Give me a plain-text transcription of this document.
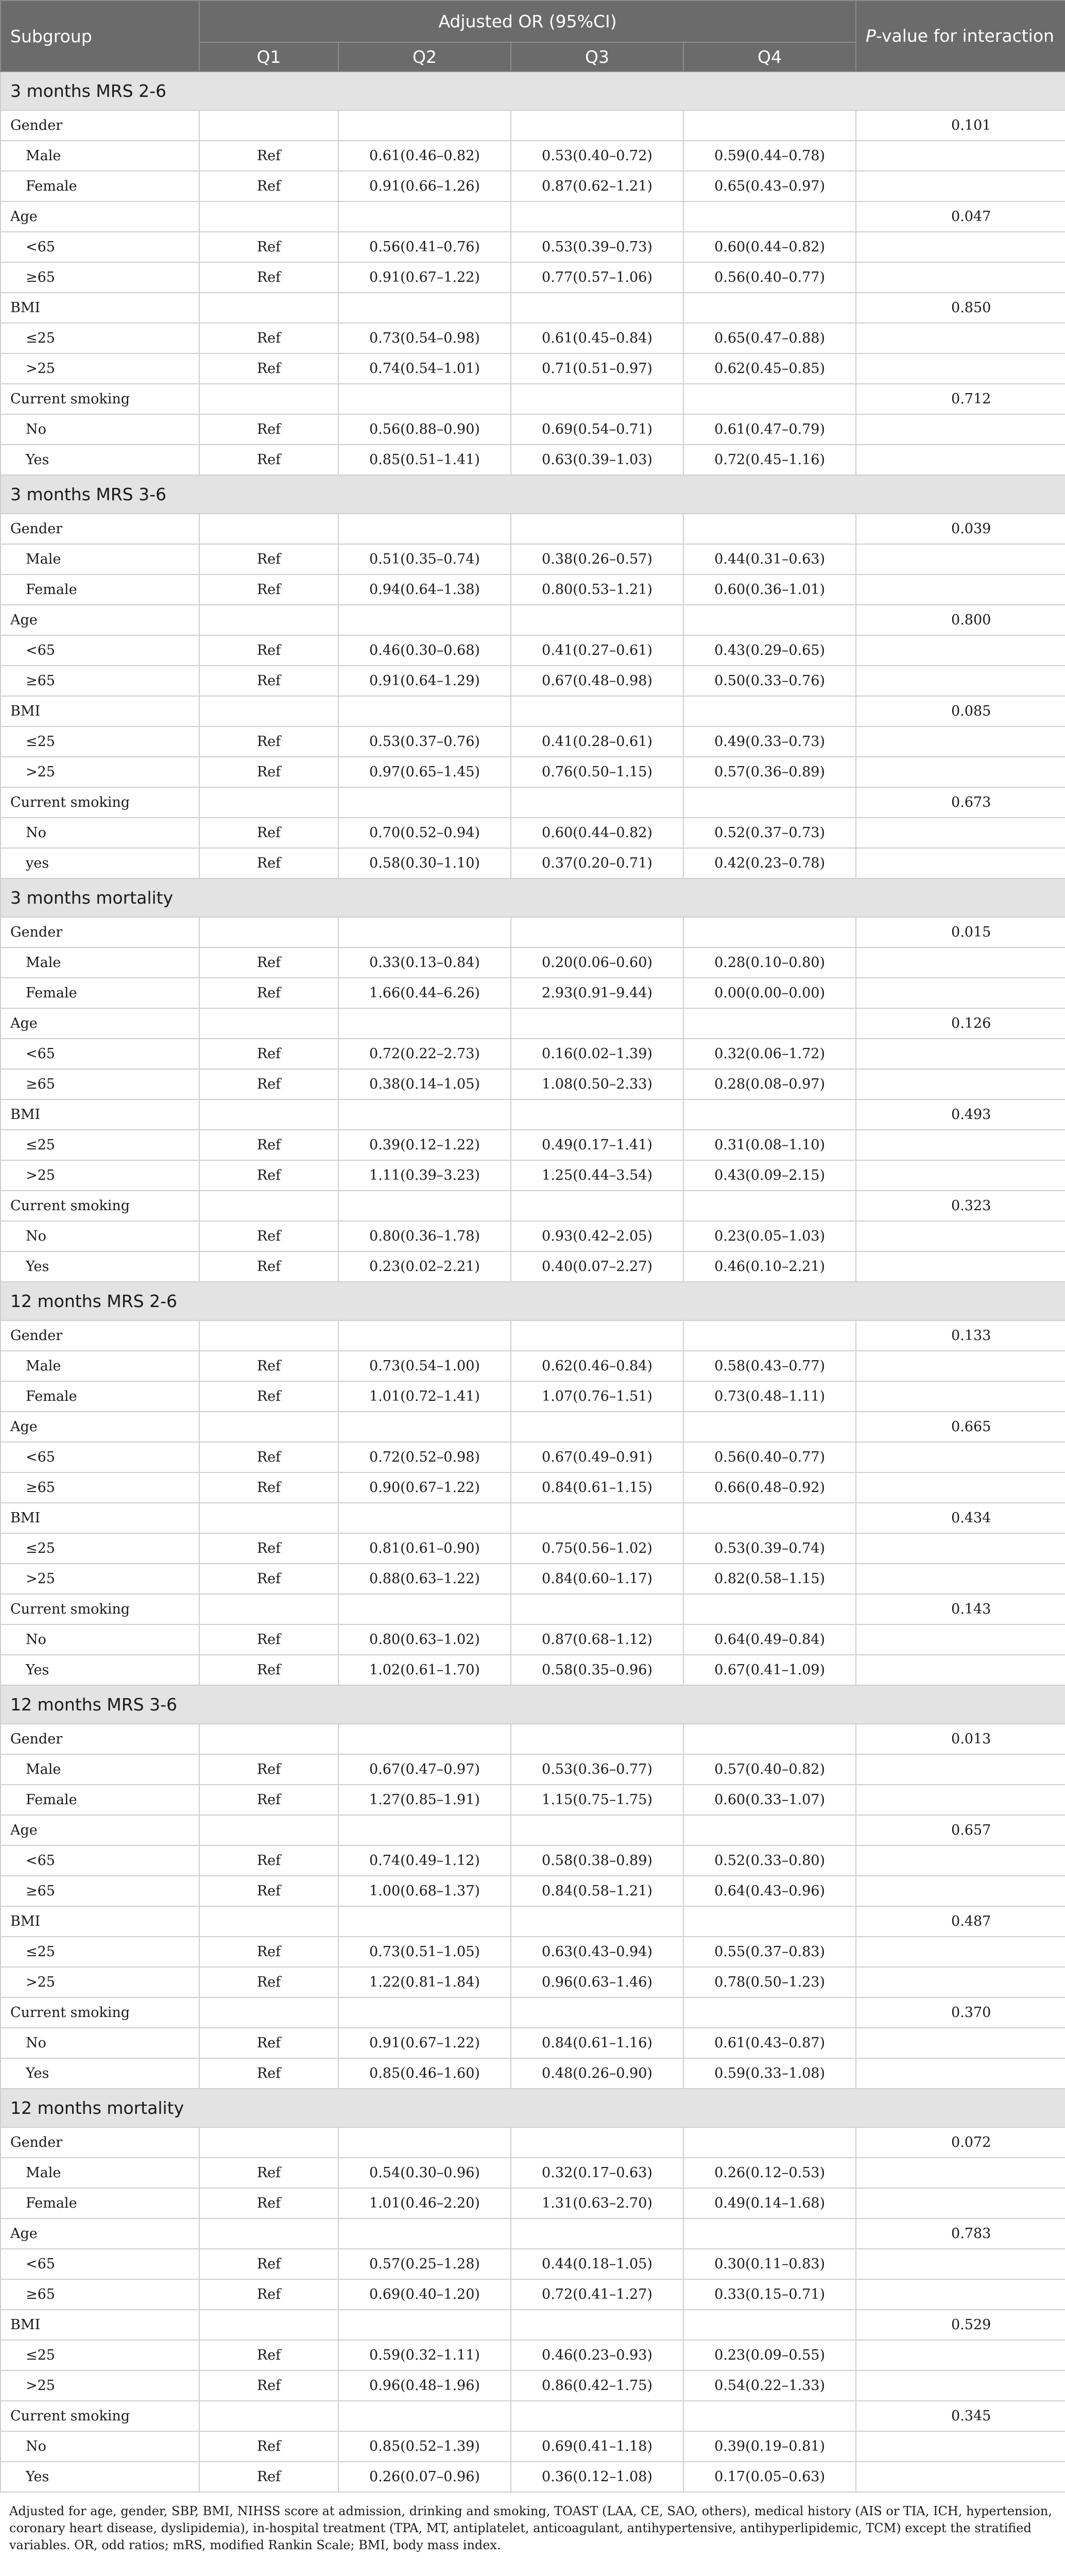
Subgroup	Adjusted OR (95%CI)				P-value for interaction
	Q1	Q2	Q3	Q4	
3 months MRS 2-6					
Gender					0.101
Male	Ref	0.61(0.46–0.82)	0.53(0.40–0.72)	0.59(0.44–0.78)	
Female	Ref	0.91(0.66–1.26)	0.87(0.62–1.21)	0.65(0.43–0.97)	
Age					0.047
<65	Ref	0.56(0.41–0.76)	0.53(0.39–0.73)	0.60(0.44–0.82)	
≥65	Ref	0.91(0.67–1.22)	0.77(0.57–1.06)	0.56(0.40–0.77)	
BMI					0.850
≤25	Ref	0.73(0.54–0.98)	0.61(0.45–0.84)	0.65(0.47–0.88)	
>25	Ref	0.74(0.54–1.01)	0.71(0.51–0.97)	0.62(0.45–0.85)	
Current smoking					0.712
No	Ref	0.56(0.88–0.90)	0.69(0.54–0.71)	0.61(0.47–0.79)	
Yes	Ref	0.85(0.51–1.41)	0.63(0.39–1.03)	0.72(0.45–1.16)	
3 months MRS 3-6					
Gender					0.039
Male	Ref	0.51(0.35–0.74)	0.38(0.26–0.57)	0.44(0.31–0.63)	
Female	Ref	0.94(0.64–1.38)	0.80(0.53–1.21)	0.60(0.36–1.01)	
Age					0.800
<65	Ref	0.46(0.30–0.68)	0.41(0.27–0.61)	0.43(0.29–0.65)	
≥65	Ref	0.91(0.64–1.29)	0.67(0.48–0.98)	0.50(0.33–0.76)	
BMI					0.085
≤25	Ref	0.53(0.37–0.76)	0.41(0.28–0.61)	0.49(0.33–0.73)	
>25	Ref	0.97(0.65–1.45)	0.76(0.50–1.15)	0.57(0.36–0.89)	
Current smoking					0.673
No	Ref	0.70(0.52–0.94)	0.60(0.44–0.82)	0.52(0.37–0.73)	
yes	Ref	0.58(0.30–1.10)	0.37(0.20–0.71)	0.42(0.23–0.78)	
3 months mortality					
Gender					0.015
Male	Ref	0.33(0.13–0.84)	0.20(0.06–0.60)	0.28(0.10–0.80)	
Female	Ref	1.66(0.44–6.26)	2.93(0.91–9.44)	0.00(0.00–0.00)	
Age					0.126
<65	Ref	0.72(0.22–2.73)	0.16(0.02–1.39)	0.32(0.06–1.72)	
≥65	Ref	0.38(0.14–1.05)	1.08(0.50–2.33)	0.28(0.08–0.97)	
BMI					0.493
≤25	Ref	0.39(0.12–1.22)	0.49(0.17–1.41)	0.31(0.08–1.10)	
>25	Ref	1.11(0.39–3.23)	1.25(0.44–3.54)	0.43(0.09–2.15)	
Current smoking					0.323
No	Ref	0.80(0.36–1.78)	0.93(0.42–2.05)	0.23(0.05–1.03)	
Yes	Ref	0.23(0.02–2.21)	0.40(0.07–2.27)	0.46(0.10–2.21)	
12 months MRS 2-6					
Gender					0.133
Male	Ref	0.73(0.54–1.00)	0.62(0.46–0.84)	0.58(0.43–0.77)	
Female	Ref	1.01(0.72–1.41)	1.07(0.76–1.51)	0.73(0.48–1.11)	
Age					0.665
<65	Ref	0.72(0.52–0.98)	0.67(0.49–0.91)	0.56(0.40–0.77)	
≥65	Ref	0.90(0.67–1.22)	0.84(0.61–1.15)	0.66(0.48–0.92)	
BMI					0.434
≤25	Ref	0.81(0.61–0.90)	0.75(0.56–1.02)	0.53(0.39–0.74)	
>25	Ref	0.88(0.63–1.22)	0.84(0.60–1.17)	0.82(0.58–1.15)	
Current smoking					0.143
No	Ref	0.80(0.63–1.02)	0.87(0.68–1.12)	0.64(0.49–0.84)	
Yes	Ref	1.02(0.61–1.70)	0.58(0.35–0.96)	0.67(0.41–1.09)	
12 months MRS 3-6					
Gender					0.013
Male	Ref	0.67(0.47–0.97)	0.53(0.36–0.77)	0.57(0.40–0.82)	
Female	Ref	1.27(0.85–1.91)	1.15(0.75–1.75)	0.60(0.33–1.07)	
Age					0.657
<65	Ref	0.74(0.49–1.12)	0.58(0.38–0.89)	0.52(0.33–0.80)	
≥65	Ref	1.00(0.68–1.37)	0.84(0.58–1.21)	0.64(0.43–0.96)	
BMI					0.487
≤25	Ref	0.73(0.51–1.05)	0.63(0.43–0.94)	0.55(0.37–0.83)	
>25	Ref	1.22(0.81–1.84)	0.96(0.63–1.46)	0.78(0.50–1.23)	
Current smoking					0.370
No	Ref	0.91(0.67–1.22)	0.84(0.61–1.16)	0.61(0.43–0.87)	
Yes	Ref	0.85(0.46–1.60)	0.48(0.26–0.90)	0.59(0.33–1.08)	
12 months mortality					
Gender					0.072
Male	Ref	0.54(0.30–0.96)	0.32(0.17–0.63)	0.26(0.12–0.53)	
Female	Ref	1.01(0.46–2.20)	1.31(0.63–2.70)	0.49(0.14–1.68)	
Age					0.783
<65	Ref	0.57(0.25–1.28)	0.44(0.18–1.05)	0.30(0.11–0.83)	
≥65	Ref	0.69(0.40–1.20)	0.72(0.41–1.27)	0.33(0.15–0.71)	
BMI					0.529
≤25	Ref	0.59(0.32–1.11)	0.46(0.23–0.93)	0.23(0.09–0.55)	
>25	Ref	0.96(0.48–1.96)	0.86(0.42–1.75)	0.54(0.22–1.33)	
Current smoking					0.345
No	Ref	0.85(0.52–1.39)	0.69(0.41–1.18)	0.39(0.19–0.81)	
Yes	Ref	0.26(0.07–0.96)	0.36(0.12–1.08)	0.17(0.05–0.63)	
Adjusted for age, gender, SBP, BMI, NIHSS score at admission, drinking and smoking, TOAST (LAA, CE, SAO, others), medical history (AIS or TIA, ICH, hypertension, coronary heart disease, dyslipidemia), in-hospital treatment (TPA, MT, antiplatelet, anticoagulant, antihypertensive, antihyperlipidemic, TCM) except the stratified variables. OR, odd ratios; mRS, modified Rankin Scale; BMI, body mass index.
